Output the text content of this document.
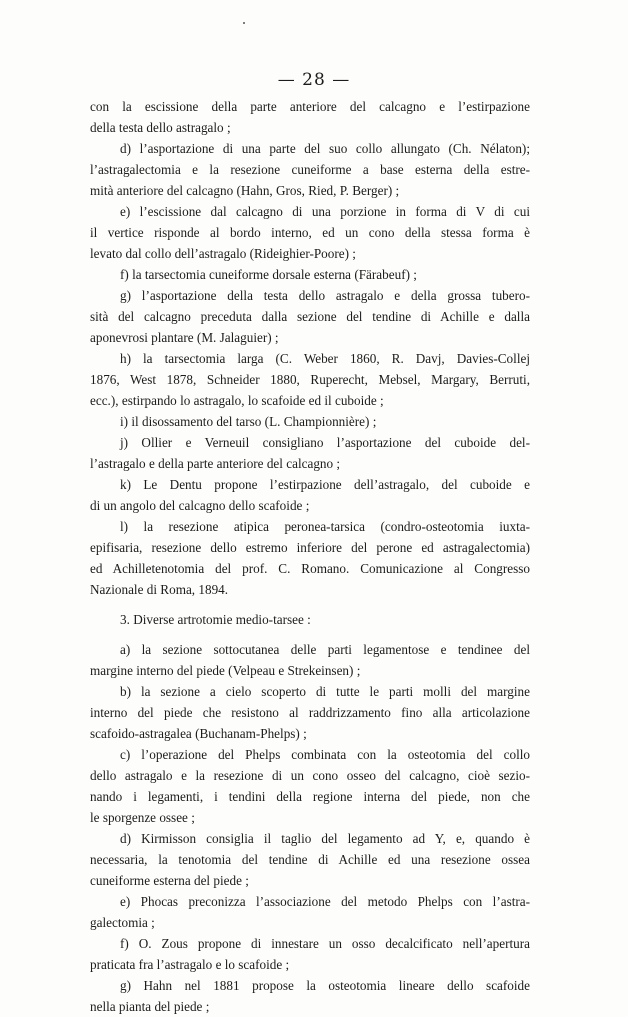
— 28 —

con la escissione della parte anteriore del calcagno e l’estirpazione

della testa dello astragalo ;

d) l’asportazione di una parte del suo collo allungato (Ch. Nélaton);

l’astragalectomia e la resezione cuneiforme a base esterna della estre-

mità anteriore del calcagno (Hahn, Gros, Ried, P. Berger) ;

e) l’escissione dal calcagno di una porzione in forma di V di cui

il vertice risponde al bordo interno, ed un cono della stessa forma è

levato dal collo dell’astragalo (Rideighier-Poore) ;

f) la tarsectomia cuneiforme dorsale esterna (Färabeuf) ;

g) l’asportazione della testa dello astragalo e della grossa tubero-

sità del calcagno preceduta dalla sezione del tendine di Achille e dalla

aponevrosi plantare (M. Jalaguier) ;

h) la tarsectomia larga (C. Weber 1860, R. Davj, Davies-Collej

1876, West 1878, Schneider 1880, Ruperecht, Mebsel, Margary, Berruti,

ecc.), estirpando lo astragalo, lo scafoide ed il cuboide ;

i) il disossamento del tarso (L. Championnière) ;

j) Ollier e Verneuil consigliano l’asportazione del cuboide del-

l’astragalo e della parte anteriore del calcagno ;

k) Le Dentu propone l’estirpazione dell’astragalo, del cuboide e

di un angolo del calcagno dello scafoide ;

l) la resezione atipica peronea-tarsica (condro-osteotomia iuxta-

epifisaria, resezione dello estremo inferiore del perone ed astragalectomia)

ed Achilletenotomia del prof. C. Romano. Comunicazione al Congresso

Nazionale di Roma, 1894.

3. Diverse artrotomie medio-tarsee :

a) la sezione sottocutanea delle parti legamentose e tendinee del

margine interno del piede (Velpeau e Strekeinsen) ;

b) la sezione a cielo scoperto di tutte le parti molli del margine

interno del piede che resistono al raddrizzamento fino alla articolazione

scafoido-astragalea (Buchanam-Phelps) ;

c) l’operazione del Phelps combinata con la osteotomia del collo

dello astragalo e la resezione di un cono osseo del calcagno, cioè sezio-

nando i legamenti, i tendini della regione interna del piede, non che

le sporgenze ossee ;

d) Kirmisson consiglia il taglio del legamento ad Y, e, quando è

necessaria, la tenotomia del tendine di Achille ed una resezione ossea

cuneiforme esterna del piede ;

e) Phocas preconizza l’associazione del metodo Phelps con l’astra-

galectomia ;

f) O. Zous propone di innestare un osso decalcificato nell’apertura

praticata fra l’astragalo e lo scafoide ;

g) Hahn nel 1881 propose la osteotomia lineare dello scafoide

nella pianta del piede ;
